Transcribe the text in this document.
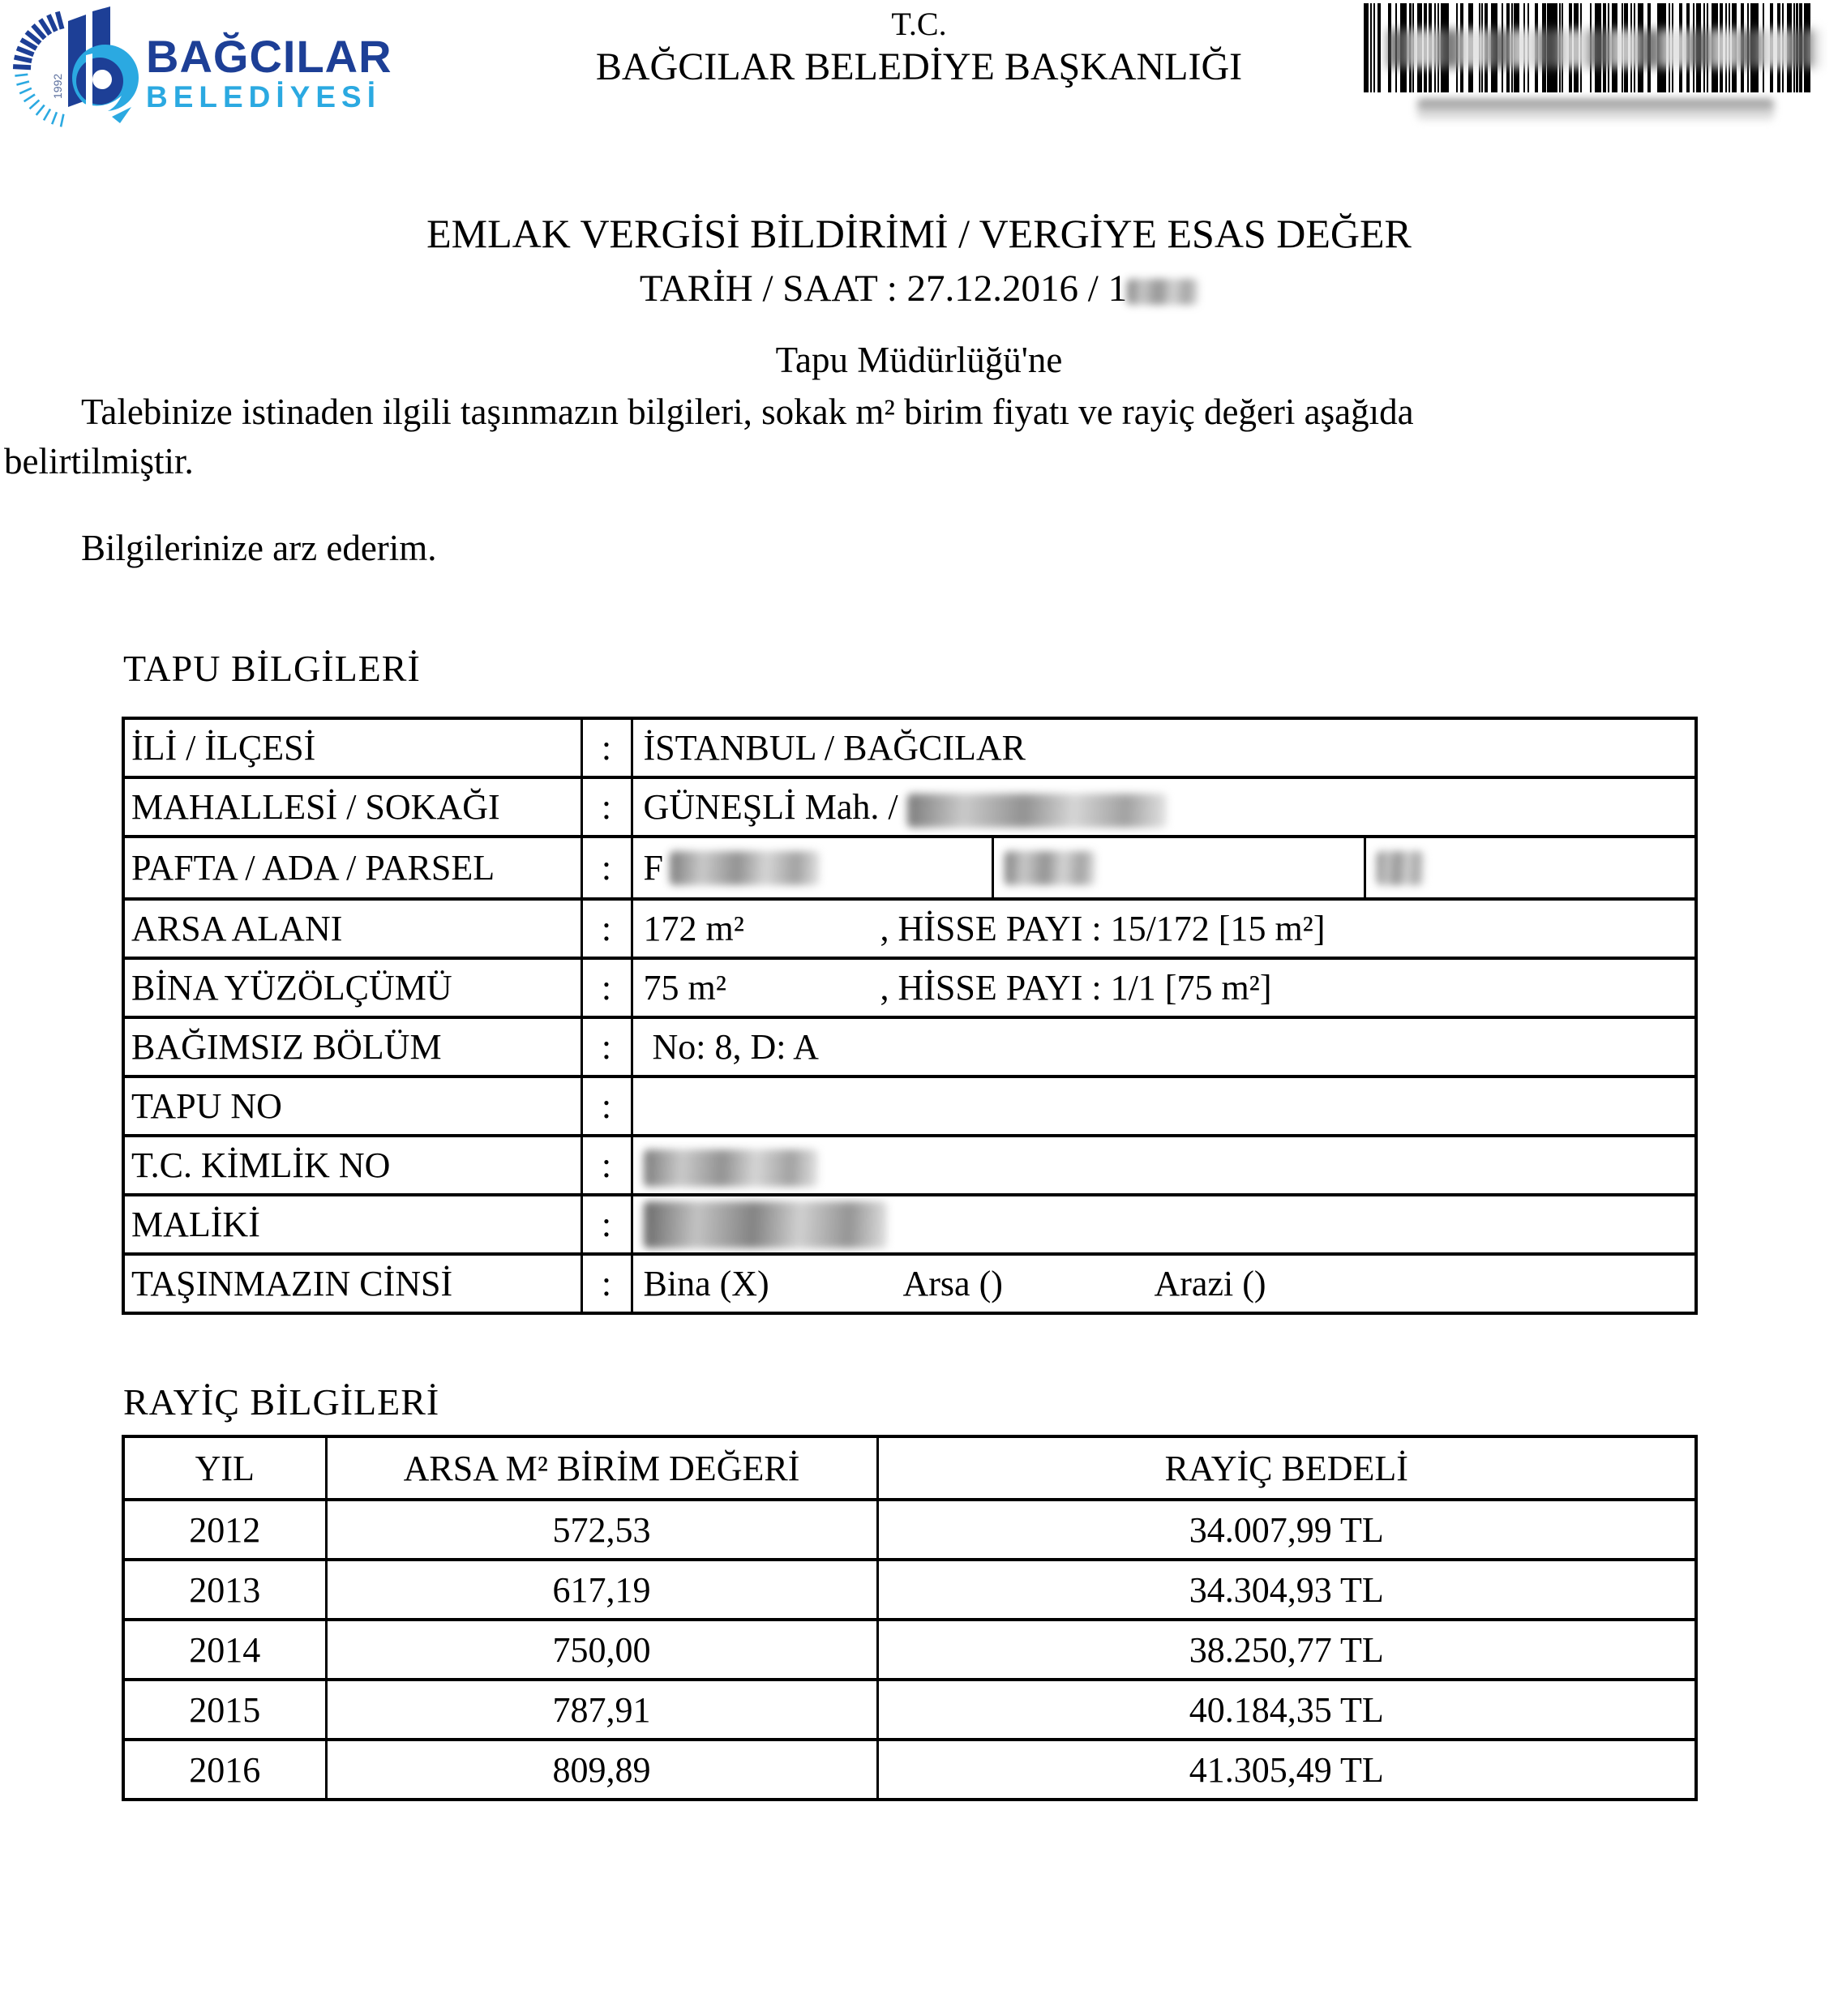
1992
BAĞCILAR
BELEDİYESİ
T.C.
BAĞCILAR BELEDİYE BAŞKANLIĞI
EMLAK VERGİSİ BİLDİRİMİ / VERGİYE ESAS DEĞER
TARİH / SAAT : 27.12.2016 / 1
Tapu Müdürlüğü'ne

Talebinize istinaden ilgili taşınmazın bilgileri, sokak m² birim fiyatı ve rayiç değeri aşağıda
belirtilmiştir.

Bilgilerinize arz ederim.
TAPU BİLGİLERİ
İLİ / İLÇESİ	:	İSTANBUL / BAĞCILAR
MAHALLESİ / SOKAĞI	:	GÜNEŞLİ Mah. /
PAFTA / ADA / PARSEL	:	F

ARSA ALANI	:	172 m² , HİSSE PAYI : 15/172 [15 m²]

BİNA YÜZÖLÇÜMÜ	:	75 m² , HİSSE PAYI : 1/1 [75 m²]

BAĞIMSIZ BÖLÜM	:	No: 8, D: A
TAPU NO	:	
T.C. KİMLİK NO	:	
MALİKİ	:	
TAŞINMAZIN CİNSİ	:	Bina (X) Arsa () Arazi ()
RAYİÇ BİLGİLERİ
YIL	ARSA M² BİRİM DEĞERİ	RAYİÇ BEDELİ
2012	572,53	34.007,99 TL
2013	617,19	34.304,93 TL
2014	750,00	38.250,77 TL
2015	787,91	40.184,35 TL
2016	809,89	41.305,49 TL
